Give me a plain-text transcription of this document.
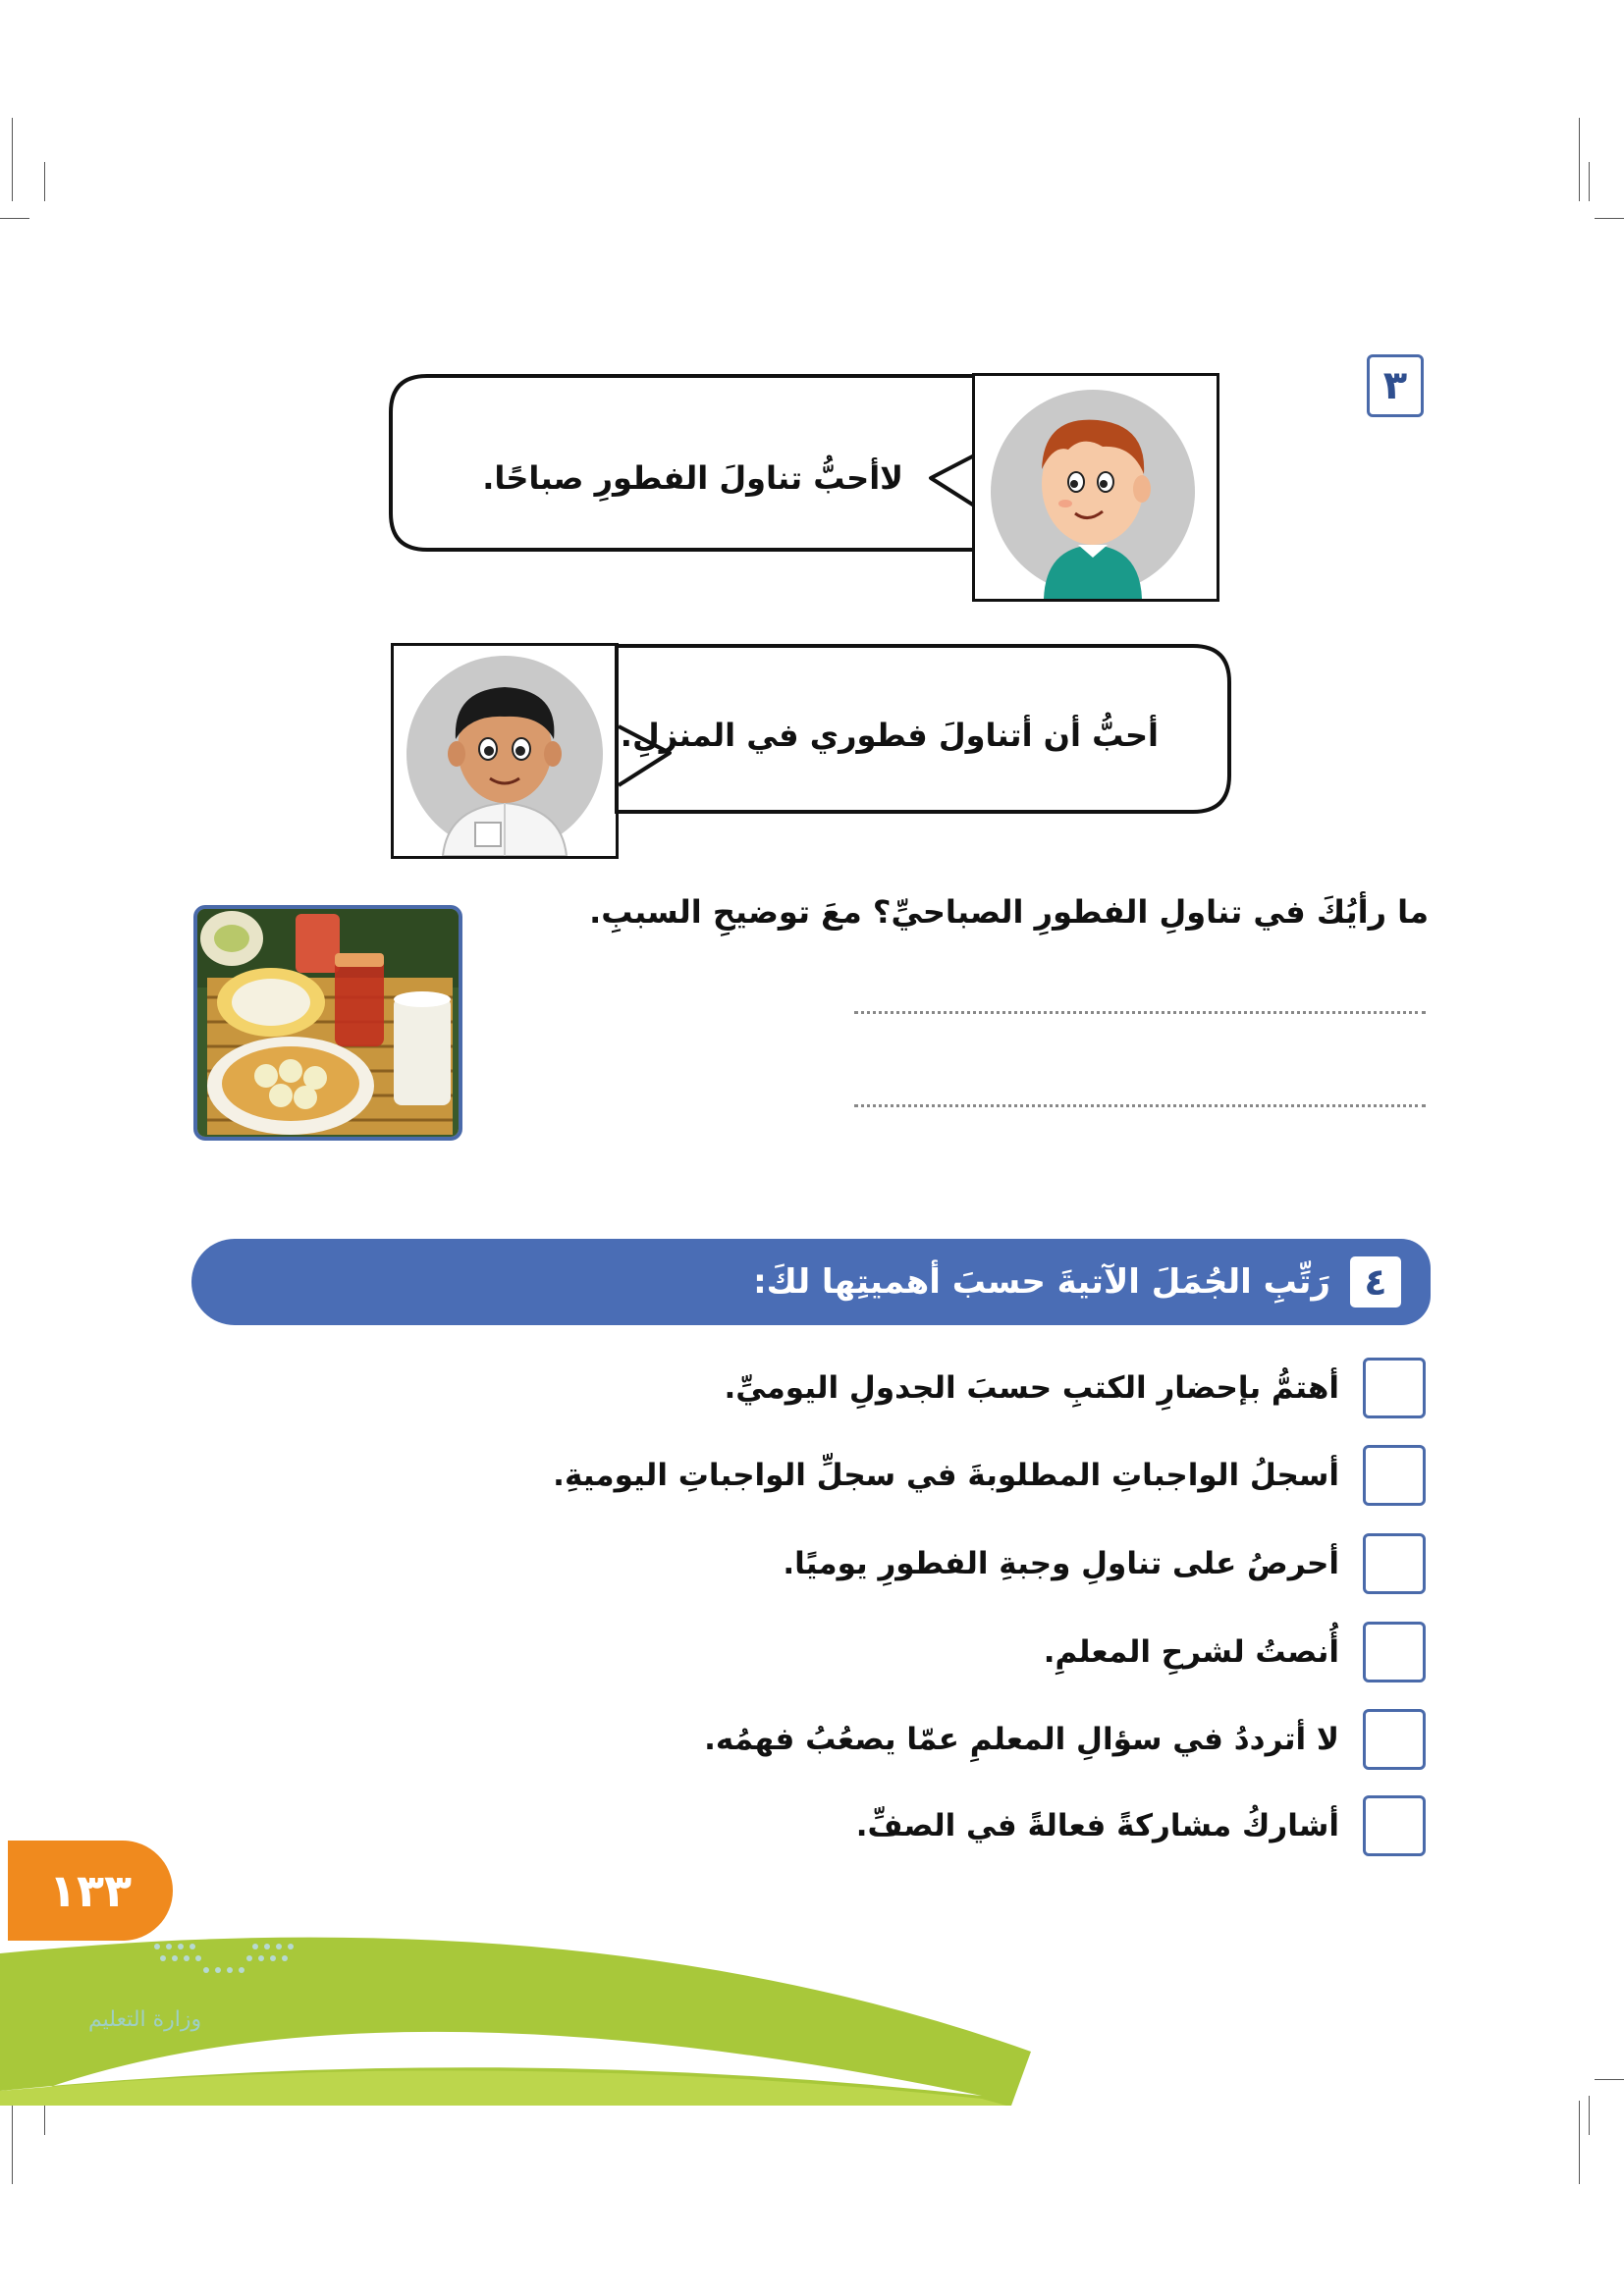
٣
لاأحبُّ تناولَ الفطورِ صباحًا.
أحبُّ أن أتناولَ فطوري في المنزلِ.
ما رأيُكَ في تناولِ الفطورِ الصباحيِّ؟ معَ توضيحِ السببِ.
٤
رَتِّبِ الجُمَلَ الآتيةَ حسبَ أهميتِها لكَ:
أهتمُّ بإحضارِ الكتبِ حسبَ الجدولِ اليوميِّ.
أسجلُ الواجباتِ المطلوبةَ في سجلِّ الواجباتِ اليوميةِ.
أحرصُ على تناولِ وجبةِ الفطورِ يوميًا.
أُنصتُ لشرحِ المعلمِ.
لا أترددُ في سؤالِ المعلمِ عمّا يصعُبُ فهمُه.
أشاركُ مشاركةً فعالةً في الصفِّ.
١٣٣
وزارة التعليم
